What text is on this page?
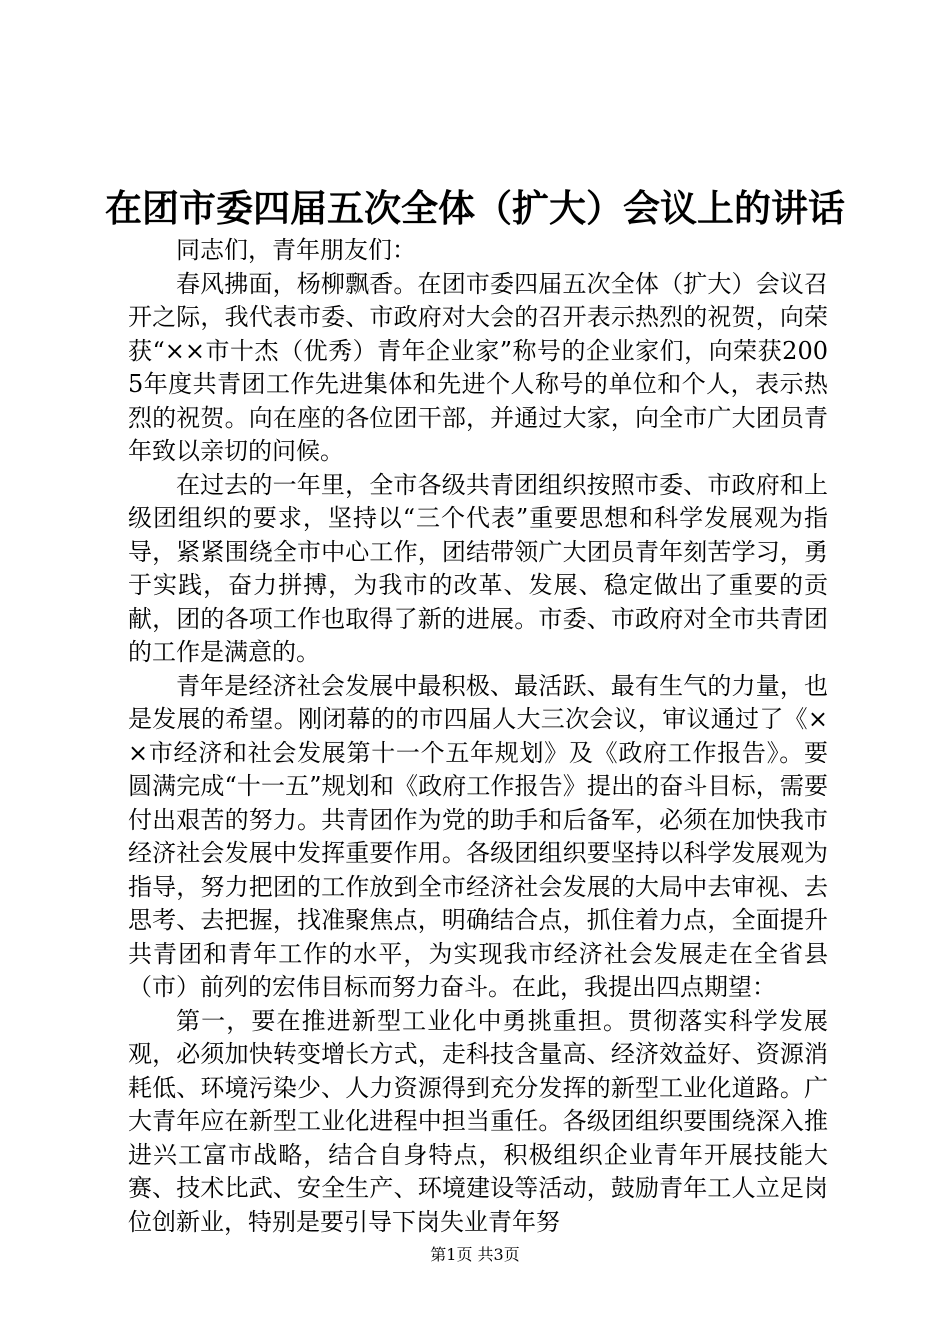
在团市委四届五次全体（扩大）会议上的讲话

同志们，青年朋友们：

春风拂面，杨柳飘香。在团市委四届五次全体（扩大）会议召开之际，我代表市委、市政府对大会的召开表示热烈的祝贺，向荣获“××市十杰（优秀）青年企业家”称号的企业家们，向荣获2005年度共青团工作先进集体和先进个人称号的单位和个人，表示热烈的祝贺。向在座的各位团干部，并通过大家，向全市广大团员青年致以亲切的问候。

在过去的一年里，全市各级共青团组织按照市委、市政府和上级团组织的要求，坚持以“三个代表”重要思想和科学发展观为指导，紧紧围绕全市中心工作，团结带领广大团员青年刻苦学习，勇于实践，奋力拼搏，为我市的改革、发展、稳定做出了重要的贡献，团的各项工作也取得了新的进展。市委、市政府对全市共青团的工作是满意的。

青年是经济社会发展中最积极、最活跃、最有生气的力量，也是发展的希望。刚闭幕的的市四届人大三次会议，审议通过了《××市经济和社会发展第十一个五年规划》及《政府工作报告》。要圆满完成“十一五”规划和《政府工作报告》提出的奋斗目标，需要付出艰苦的努力。共青团作为党的助手和后备军，必须在加快我市经济社会发展中发挥重要作用。各级团组织要坚持以科学发展观为指导，努力把团的工作放到全市经济社会发展的大局中去审视、去思考、去把握，找准聚焦点，明确结合点，抓住着力点，全面提升共青团和青年工作的水平，为实现我市经济社会发展走在全省县（市）前列的宏伟目标而努力奋斗。在此，我提出四点期望：

第一，要在推进新型工业化中勇挑重担。贯彻落实科学发展观，必须加快转变增长方式，走科技含量高、经济效益好、资源消耗低、环境污染少、人力资源得到充分发挥的新型工业化道路。广大青年应在新型工业化进程中担当重任。各级团组织要围绕深入推进兴工富市战略，结合自身特点，积极组织企业青年开展技能大赛、技术比武、安全生产、环境建设等活动，鼓励青年工人立足岗位创新业，特别是要引导下岗失业青年努

第1页 共3页
